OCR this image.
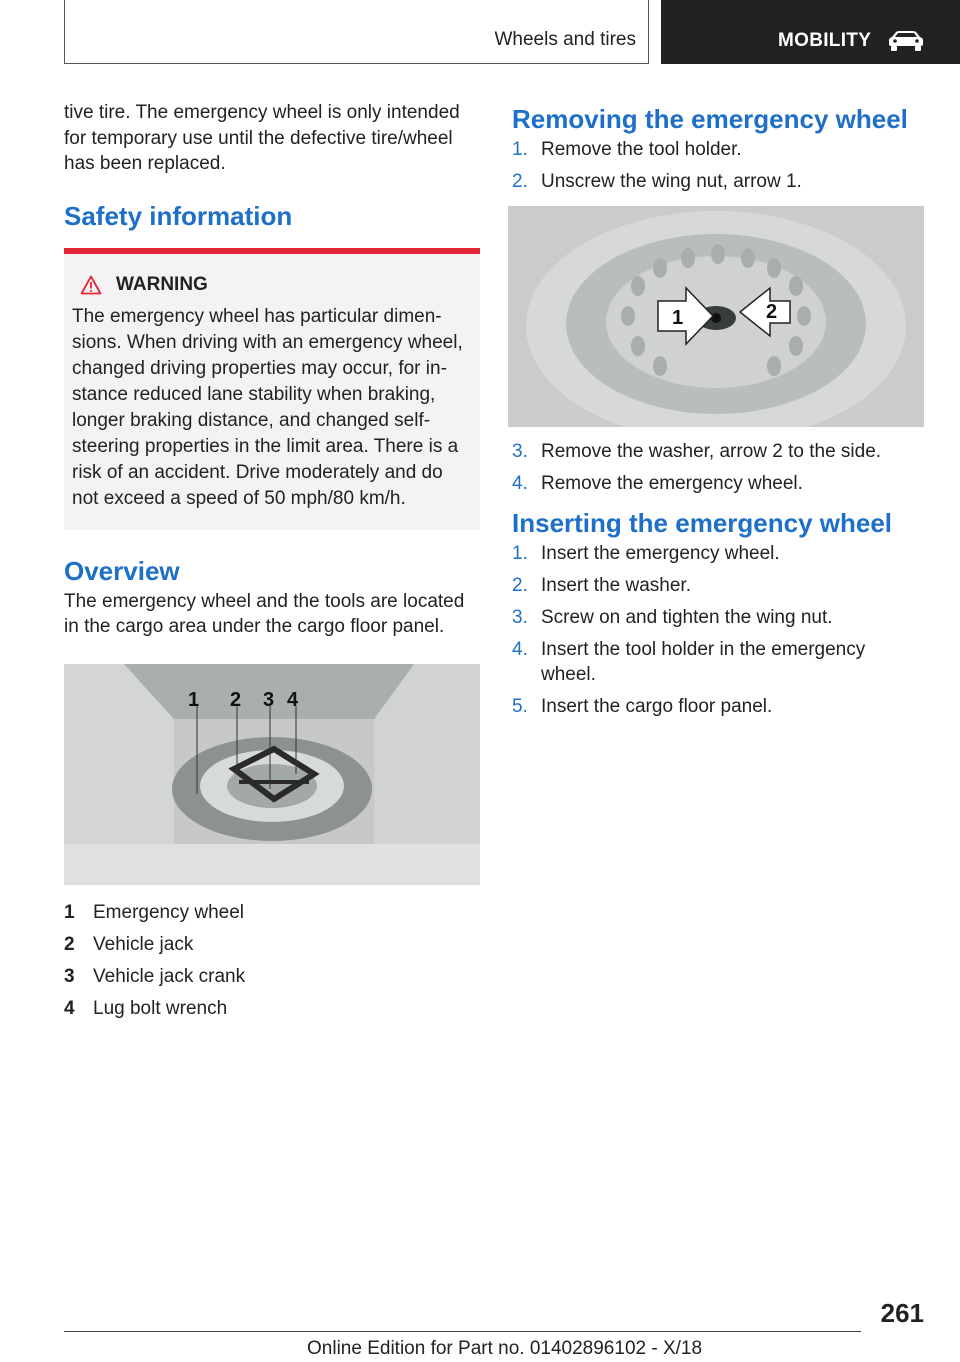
Wheels and tires	MOBILITY

tive tire. The emergency wheel is only intended for temporary use until the defective tire/wheel has been replaced.

Safety information
WARNING
The emergency wheel has particular dimensions. When driving with an emergency wheel, changed driving properties may occur, for instance reduced lane stability when braking, longer braking distance, and changed self-steering properties in the limit area. There is a risk of an accident. Drive moderately and do not exceed a speed of 50 mph/80 km/h.
Overview

The emergency wheel and the tools are located in the cargo area under the cargo floor panel.

1 2 3 4
1 Emergency wheel
2 Vehicle jack
3 Vehicle jack crank
4 Lug bolt wrench
Removing the emergency wheel
1. Remove the tool holder.
2. Unscrew the wing nut, arrow 1.
1	2
3. Remove the washer, arrow 2 to the side.
4. Remove the emergency wheel.
Inserting the emergency wheel
1. Insert the emergency wheel.
2. Insert the washer.
3. Screw on and tighten the wing nut.
4. Insert the tool holder in the emergency wheel.
5. Insert the cargo floor panel.
261
Online Edition for Part no. 01402896102 - X/18
